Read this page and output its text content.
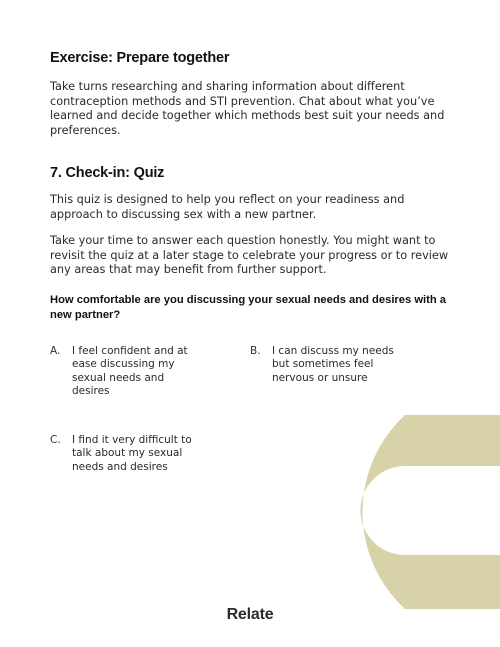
Exercise: Prepare together

Take turns researching and sharing information about different contraception methods and STI prevention. Chat about what you’ve learned and decide together which methods best suit your needs and preferences.

7. Check-in: Quiz

This quiz is designed to help you reflect on your readiness and approach to discussing sex with a new partner.

Take your time to answer each question honestly. You might want to revisit the quiz at a later stage to celebrate your progress or to review any areas that may benefit from further support.

How comfortable are you discussing your sexual needs and desires with a new partner?

A.	I feel confident and at ease discussing my sexual needs and desires
B.	I can discuss my needs but sometimes feel nervous or unsure
C.	I find it very difficult to talk about my sexual needs and desires
Relate
